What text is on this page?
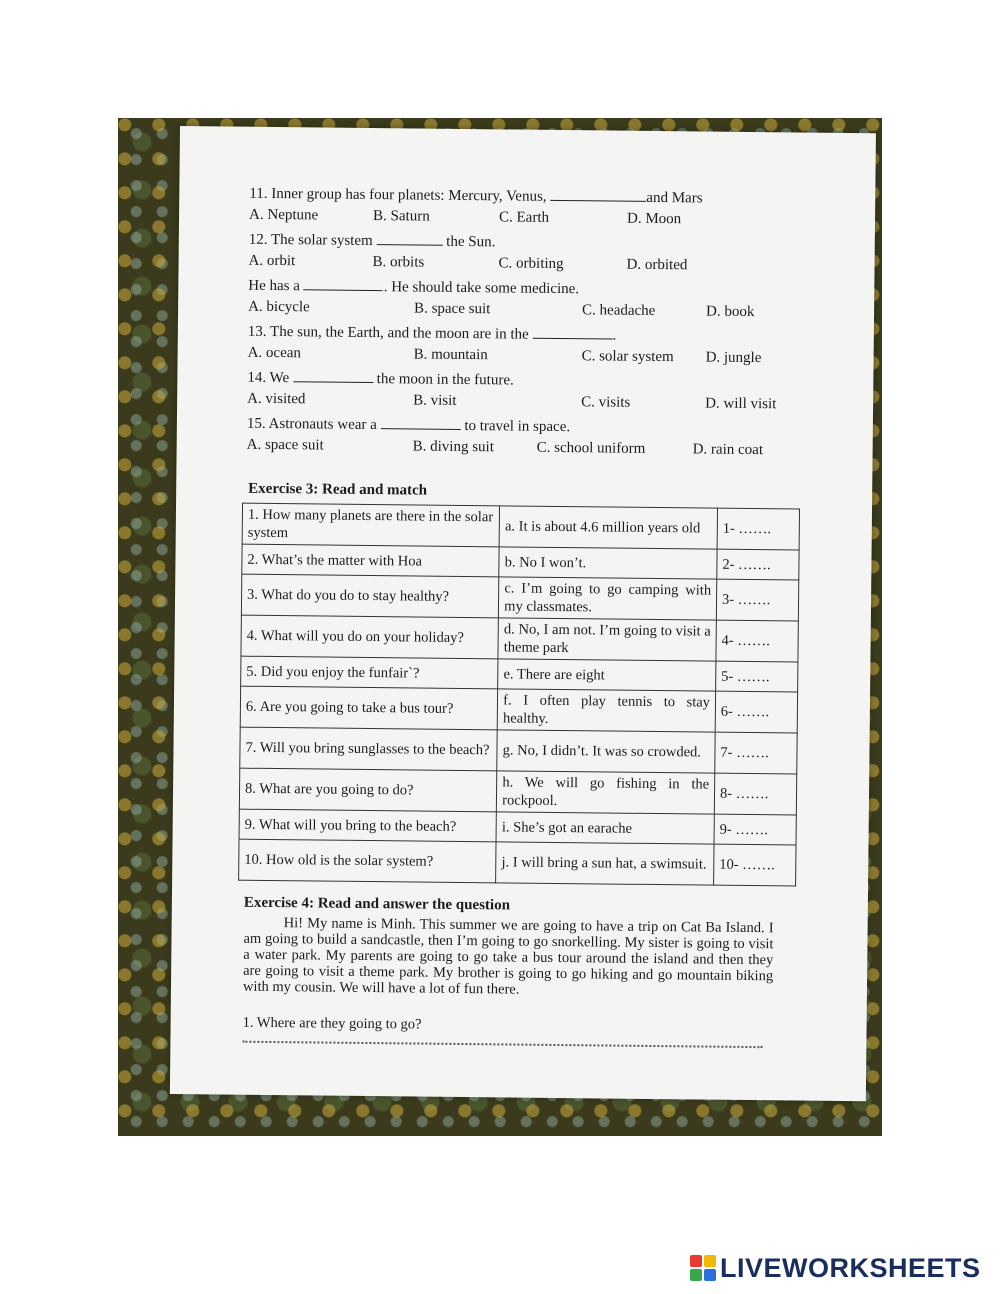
11. Inner group has four planets: Mercury, Venus,	and Mars
A. Neptune	B. Saturn	C. Earth	D. Moon
12. The solar system	the Sun.
A. orbit	B. orbits	C. orbiting	D. orbited
He has a	. He should take some medicine.
A. bicycle	B. space suit	C. headache	D. book
13. The sun, the Earth, and the moon are in the	.
A. ocean	B. mountain	C. solar system D. jungle
14. We	the moon in the future.
A. visited	B. visit	C. visits	D. will visit
15. Astronauts wear a	to travel in space.
A. space suit	B. diving suit	C. school uniform	D. rain coat
Exercise 3: Read and match
1. How many planets are there in the solar system	a. It is about 4.6 million years old	1- …….
2. What’s the matter with Hoa	b. No I won’t.	2- …….
3. What do you do to stay healthy?	c. I’m going to go camping with my classmates.	3- …….
4. What will you do on your holiday?	d. No, I am not. I’m going to visit a theme park	4- …….
5. Did you enjoy the funfair`?	e. There are eight	5- …….
6. Are you going to take a bus tour?	f. I often play tennis to stay healthy.	6- …….
7. Will you bring sunglasses to the beach?	g. No, I didn’t. It was so crowded.	7- …….
8. What are you going to do?	h. We will go fishing in the rockpool.	8- …….
9. What will you bring to the beach?	i. She’s got an earache	9- …….
10. How old is the solar system?	j. I will bring a sun hat, a swimsuit.	10- …….
Exercise 4: Read and answer the question
Hi! My name is Minh. This summer we are going to have a trip on Cat Ba Island. I am going to build a sandcastle, then I’m going to go snorkelling. My sister is going to visit a water park. My parents are going to go take a bus tour around the island and then they are going to visit a theme park. My brother is going to go hiking and go mountain biking with my cousin. We will have a lot of fun there.
1. Where are they going to go?
LIVEWORKSHEETS
